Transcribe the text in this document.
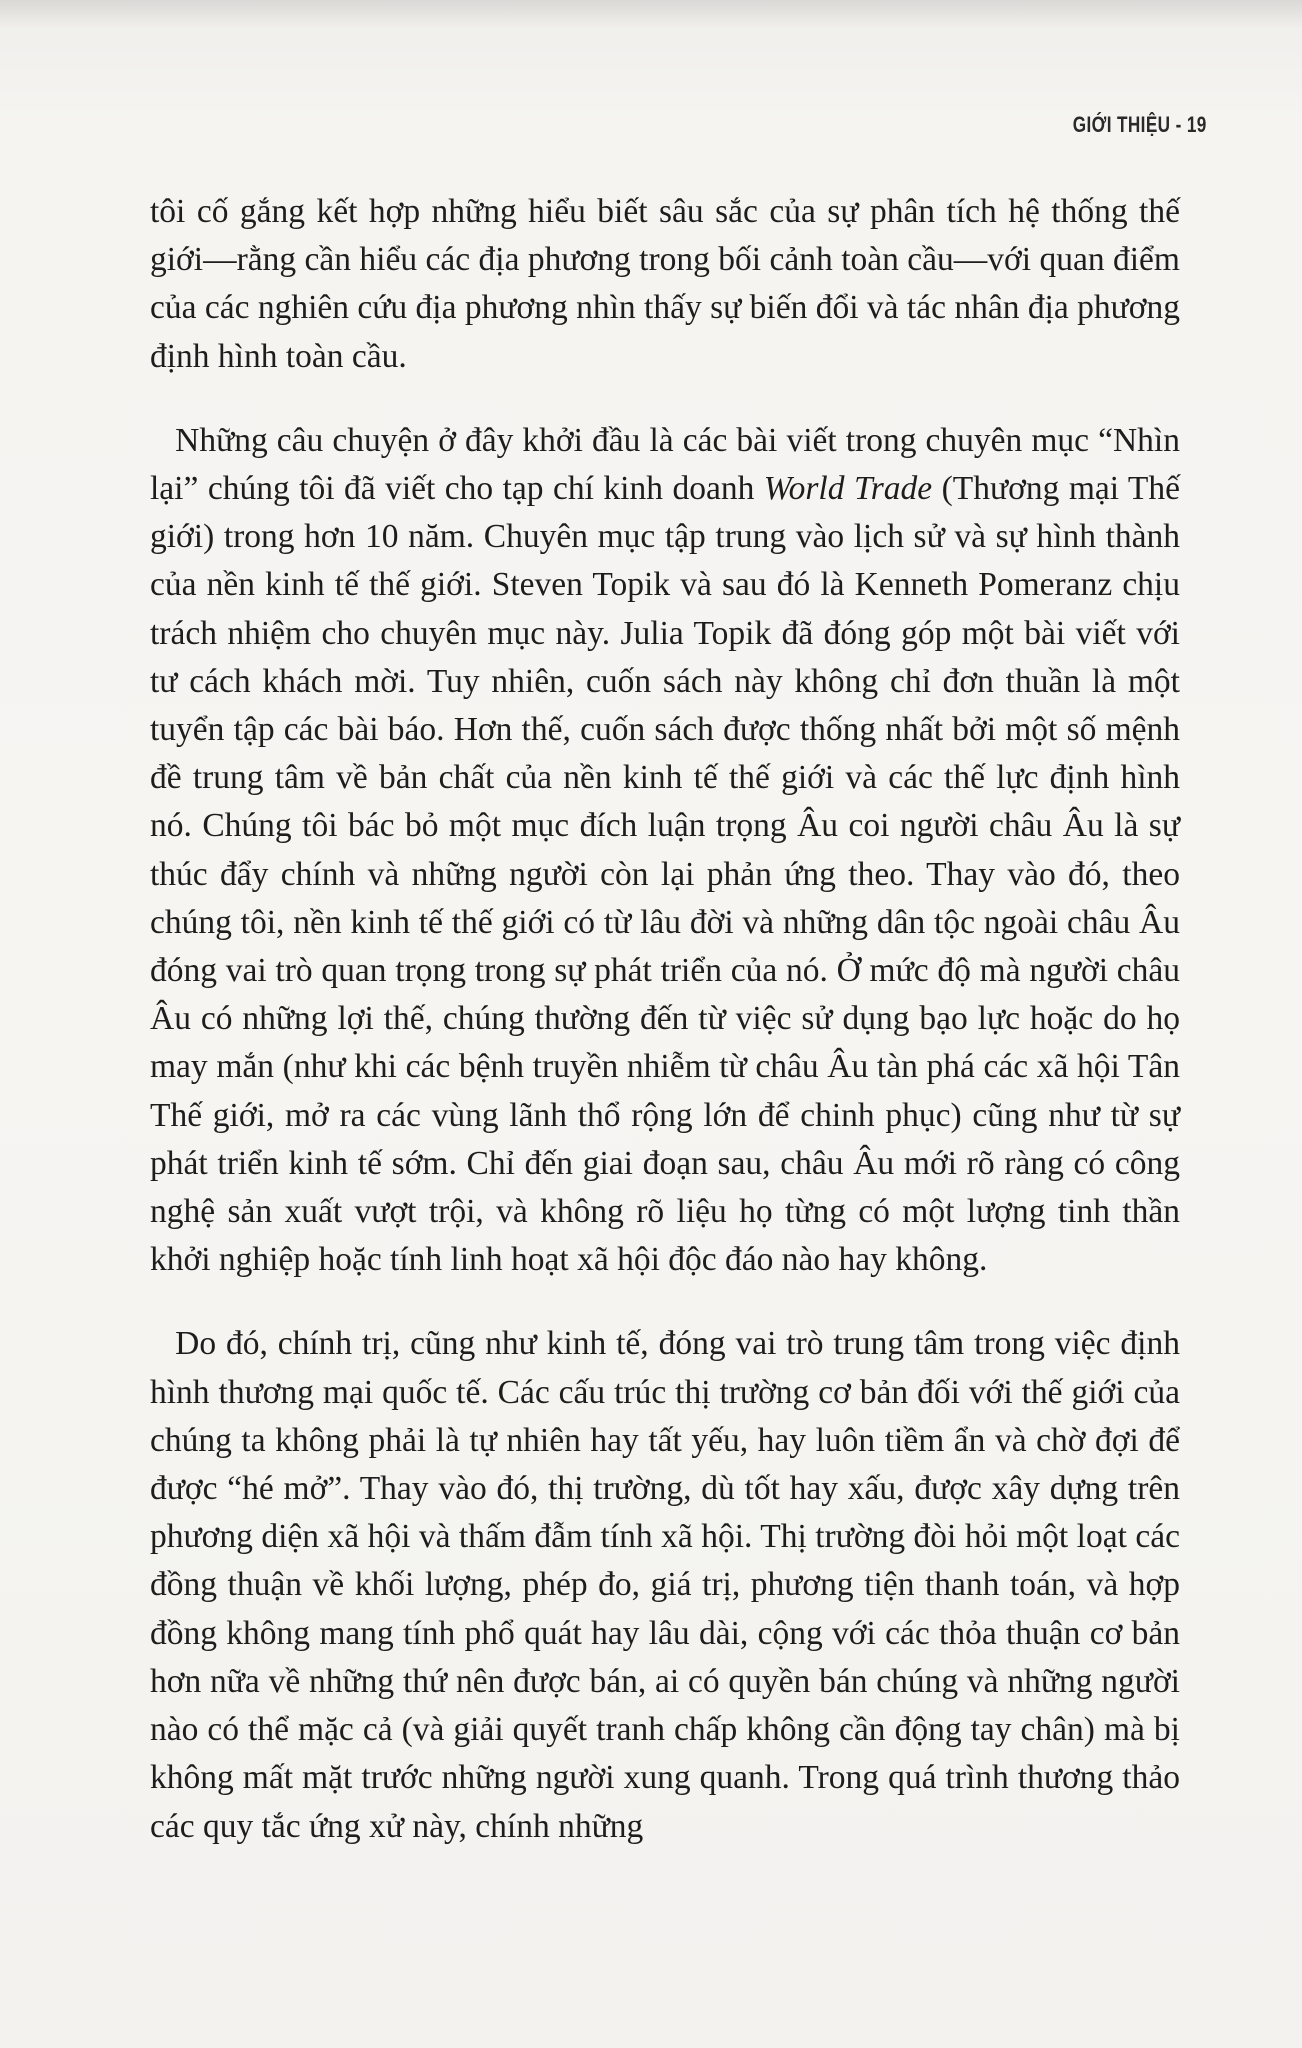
GIỚI THIỆU - 19

tôi cố gắng kết hợp những hiểu biết sâu sắc của sự phân tích hệ thống thế giới—rằng cần hiểu các địa phương trong bối cảnh toàn cầu—với quan điểm của các nghiên cứu địa phương nhìn thấy sự biến đổi và tác nhân địa phương định hình toàn cầu.

Những câu chuyện ở đây khởi đầu là các bài viết trong chuyên mục “Nhìn lại” chúng tôi đã viết cho tạp chí kinh doanh World Trade (Thương mại Thế giới) trong hơn 10 năm. Chuyên mục tập trung vào lịch sử và sự hình thành của nền kinh tế thế giới. Steven Topik và sau đó là Kenneth Pomeranz chịu trách nhiệm cho chuyên mục này. Julia Topik đã đóng góp một bài viết với tư cách khách mời. Tuy nhiên, cuốn sách này không chỉ đơn thuần là một tuyển tập các bài báo. Hơn thế, cuốn sách được thống nhất bởi một số mệnh đề trung tâm về bản chất của nền kinh tế thế giới và các thế lực định hình nó. Chúng tôi bác bỏ một mục đích luận trọng Âu coi người châu Âu là sự thúc đẩy chính và những người còn lại phản ứng theo. Thay vào đó, theo chúng tôi, nền kinh tế thế giới có từ lâu đời và những dân tộc ngoài châu Âu đóng vai trò quan trọng trong sự phát triển của nó. Ở mức độ mà người châu Âu có những lợi thế, chúng thường đến từ việc sử dụng bạo lực hoặc do họ may mắn (như khi các bệnh truyền nhiễm từ châu Âu tàn phá các xã hội Tân Thế giới, mở ra các vùng lãnh thổ rộng lớn để chinh phục) cũng như từ sự phát triển kinh tế sớm. Chỉ đến giai đoạn sau, châu Âu mới rõ ràng có công nghệ sản xuất vượt trội, và không rõ liệu họ từng có một lượng tinh thần khởi nghiệp hoặc tính linh hoạt xã hội độc đáo nào hay không.

Do đó, chính trị, cũng như kinh tế, đóng vai trò trung tâm trong việc định hình thương mại quốc tế. Các cấu trúc thị trường cơ bản đối với thế giới của chúng ta không phải là tự nhiên hay tất yếu, hay luôn tiềm ẩn và chờ đợi để được “hé mở”. Thay vào đó, thị trường, dù tốt hay xấu, được xây dựng trên phương diện xã hội và thấm đẫm tính xã hội. Thị trường đòi hỏi một loạt các đồng thuận về khối lượng, phép đo, giá trị, phương tiện thanh toán, và hợp đồng không mang tính phổ quát hay lâu dài, cộng với các thỏa thuận cơ bản hơn nữa về những thứ nên được bán, ai có quyền bán chúng và những người nào có thể mặc cả (và giải quyết tranh chấp không cần động tay chân) mà bị không mất mặt trước những người xung quanh. Trong quá trình thương thảo các quy tắc ứng xử này, chính những
